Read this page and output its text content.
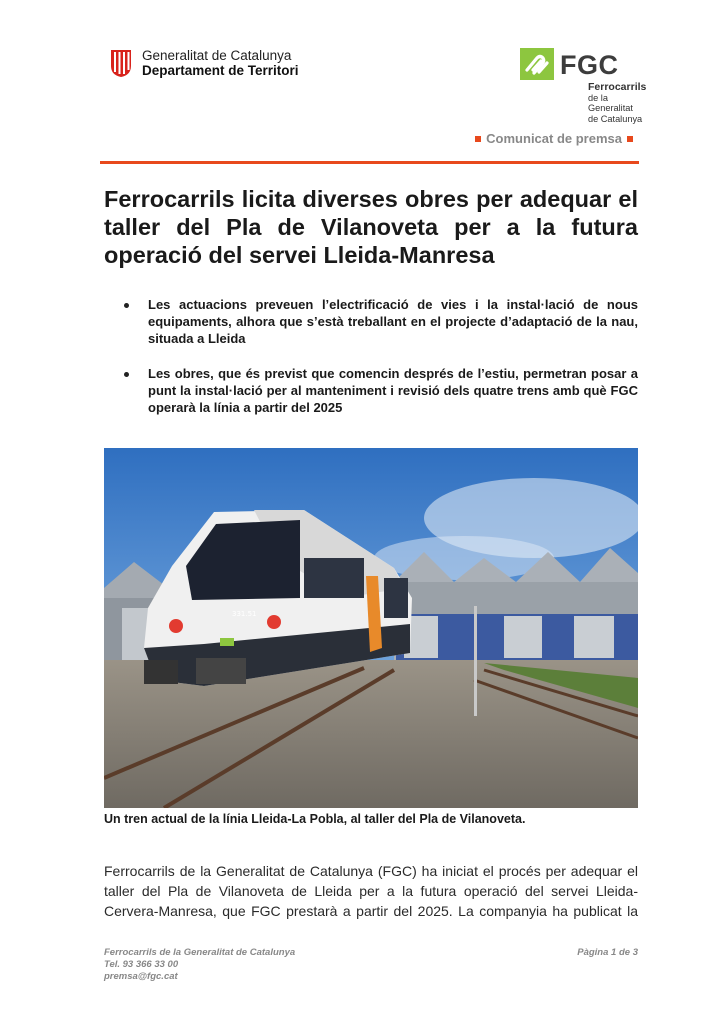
Generalitat de Catalunya
Departament de Territori	FGC
Ferrocarrils
de la Generalitat
de Catalunya
Comunicat de premsa
Ferrocarrils licita diverses obres per adequar el taller del Pla de Vilanoveta per a la futura operació del servei Lleida-Manresa
Les actuacions preveuen l’electrificació de vies i la instal·lació de nous equipaments, alhora que s’està treballant en el projecte d’adaptació de la nau, situada a Lleida
Les obres, que és previst que comencin després de l’estiu, permetran posar a punt la instal·lació per al manteniment i revisió dels quatre trens amb què FGC operarà la línia a partir del 2025
331.51
Un tren actual de la línia Lleida-La Pobla, al taller del Pla de Vilanoveta.

Ferrocarrils de la Generalitat de Catalunya (FGC) ha iniciat el procés per adequar el taller del Pla de Vilanoveta de Lleida per a la futura operació del servei Lleida-Cervera-Manresa, que FGC prestarà a partir del 2025. La companyia ha publicat la

Ferrocarrils de la Generalitat de Catalunya
Tel. 93 366 33 00
premsa@fgc.cat
Pàgina 1 de 3
